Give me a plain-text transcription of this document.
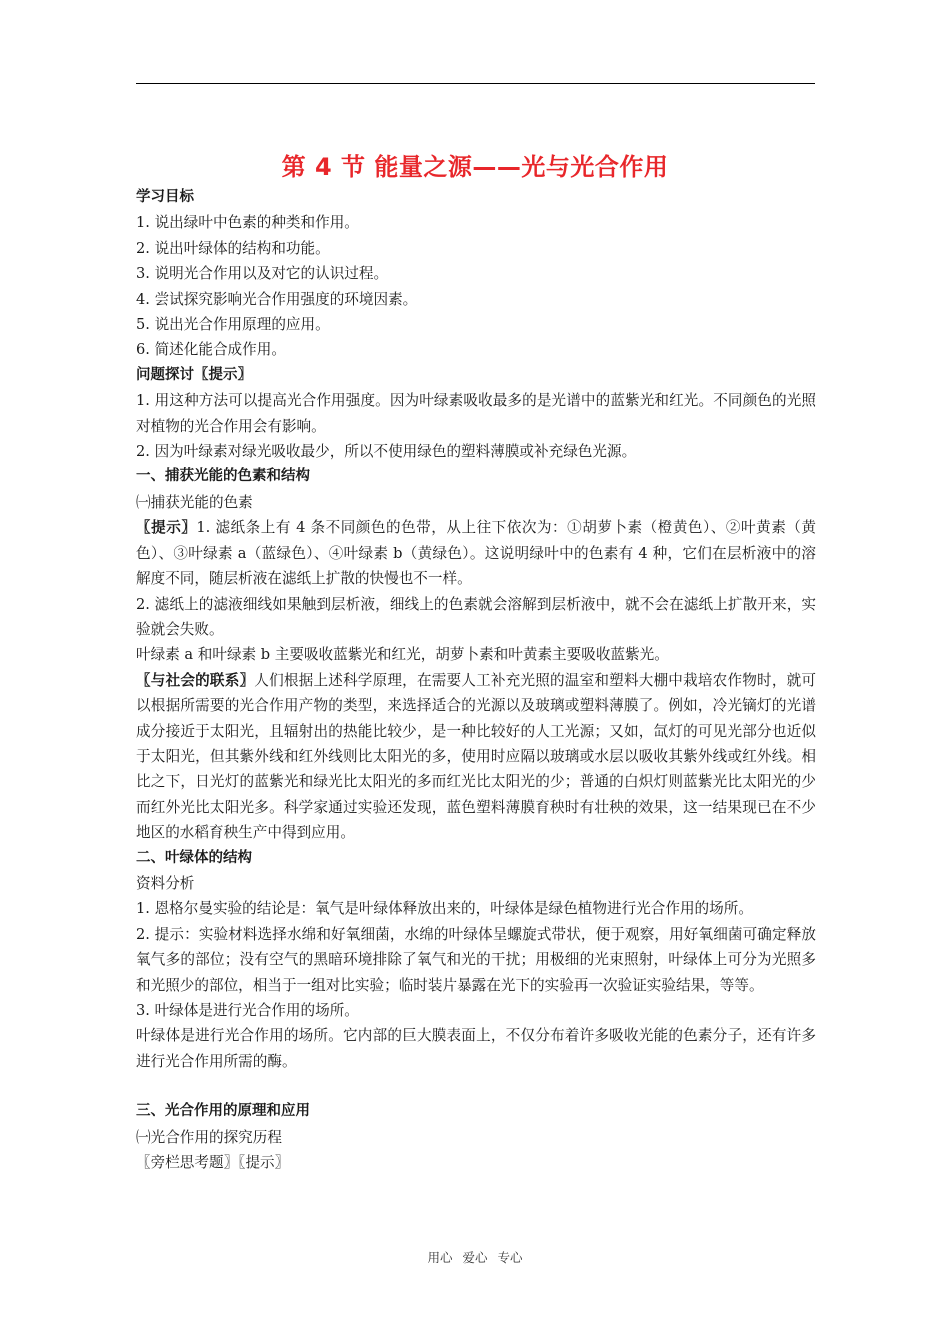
第 4 节 能量之源——光与光合作用

学习目标

1. 说出绿叶中色素的种类和作用。

2. 说出叶绿体的结构和功能。

3. 说明光合作用以及对它的认识过程。

4. 尝试探究影响光合作用强度的环境因素。

5. 说出光合作用原理的应用。

6. 简述化能合成作用。

问题探讨〖提示〗

1. 用这种方法可以提高光合作用强度。因为叶绿素吸收最多的是光谱中的蓝紫光和红光。不同颜色的光照对植物的光合作用会有影响。

2. 因为叶绿素对绿光吸收最少，所以不使用绿色的塑料薄膜或补充绿色光源。

一、捕获光能的色素和结构

㈠捕获光能的色素

〖提示〗1. 滤纸条上有 4 条不同颜色的色带，从上往下依次为：①胡萝卜素（橙黄色）、②叶黄素（黄色）、③叶绿素 a（蓝绿色）、④叶绿素 b（黄绿色）。这说明绿叶中的色素有 4 种，它们在层析液中的溶解度不同，随层析液在滤纸上扩散的快慢也不一样。

2. 滤纸上的滤液细线如果触到层析液，细线上的色素就会溶解到层析液中，就不会在滤纸上扩散开来，实验就会失败。

叶绿素 a 和叶绿素 b 主要吸收蓝紫光和红光，胡萝卜素和叶黄素主要吸收蓝紫光。

〖与社会的联系〗人们根据上述科学原理，在需要人工补充光照的温室和塑料大棚中栽培农作物时，就可以根据所需要的光合作用产物的类型，来选择适合的光源以及玻璃或塑料薄膜了。例如，冷光镝灯的光谱成分接近于太阳光，且辐射出的热能比较少，是一种比较好的人工光源；又如，氙灯的可见光部分也近似于太阳光，但其紫外线和红外线则比太阳光的多，使用时应隔以玻璃或水层以吸收其紫外线或红外线。相比之下，日光灯的蓝紫光和绿光比太阳光的多而红光比太阳光的少；普通的白炽灯则蓝紫光比太阳光的少而红外光比太阳光多。科学家通过实验还发现，蓝色塑料薄膜育秧时有壮秧的效果，这一结果现已在不少地区的水稻育秧生产中得到应用。

二、叶绿体的结构

资料分析

1. 恩格尔曼实验的结论是：氧气是叶绿体释放出来的，叶绿体是绿色植物进行光合作用的场所。

2. 提示：实验材料选择水绵和好氧细菌，水绵的叶绿体呈螺旋式带状，便于观察，用好氧细菌可确定释放氧气多的部位；没有空气的黑暗环境排除了氧气和光的干扰；用极细的光束照射，叶绿体上可分为光照多和光照少的部位，相当于一组对比实验；临时装片暴露在光下的实验再一次验证实验结果，等等。

3. 叶绿体是进行光合作用的场所。

叶绿体是进行光合作用的场所。它内部的巨大膜表面上，不仅分布着许多吸收光能的色素分子，还有许多进行光合作用所需的酶。

三、光合作用的原理和应用

㈠光合作用的探究历程

〖旁栏思考题〗〖提示〗

用心 爱心 专心
